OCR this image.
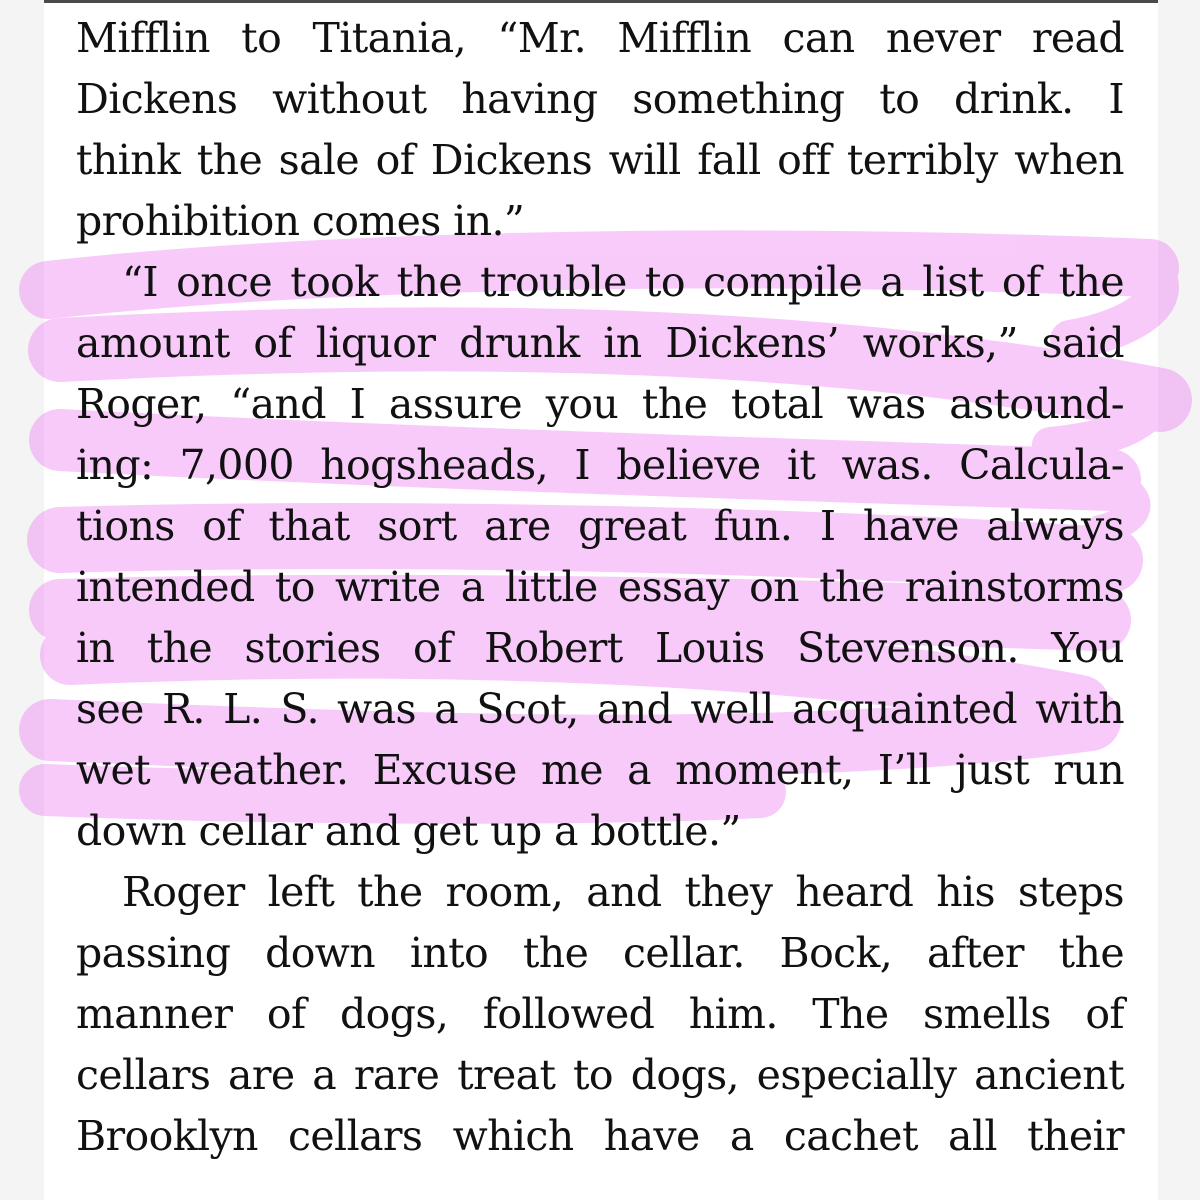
Mifflin to Titania, “Mr. Mifflin can never read
Dickens without having something to drink. I
think the sale of Dickens will fall off terribly when
prohibition comes in.”
“I once took the trouble to compile a list of the
amount of liquor drunk in Dickens’ works,” said
Roger, “and I assure you the total was astound-
ing: 7,000 hogsheads, I believe it was. Calcula-
tions of that sort are great fun. I have always
intended to write a little essay on the rainstorms
in the stories of Robert Louis Stevenson. You
see R. L. S. was a Scot, and well acquainted with
wet weather. Excuse me a moment, I’ll just run
down cellar and get up a bottle.”
Roger left the room, and they heard his steps
passing down into the cellar. Bock, after the
manner of dogs, followed him. The smells of
cellars are a rare treat to dogs, especially ancient
Brooklyn cellars which have a cachet all their
